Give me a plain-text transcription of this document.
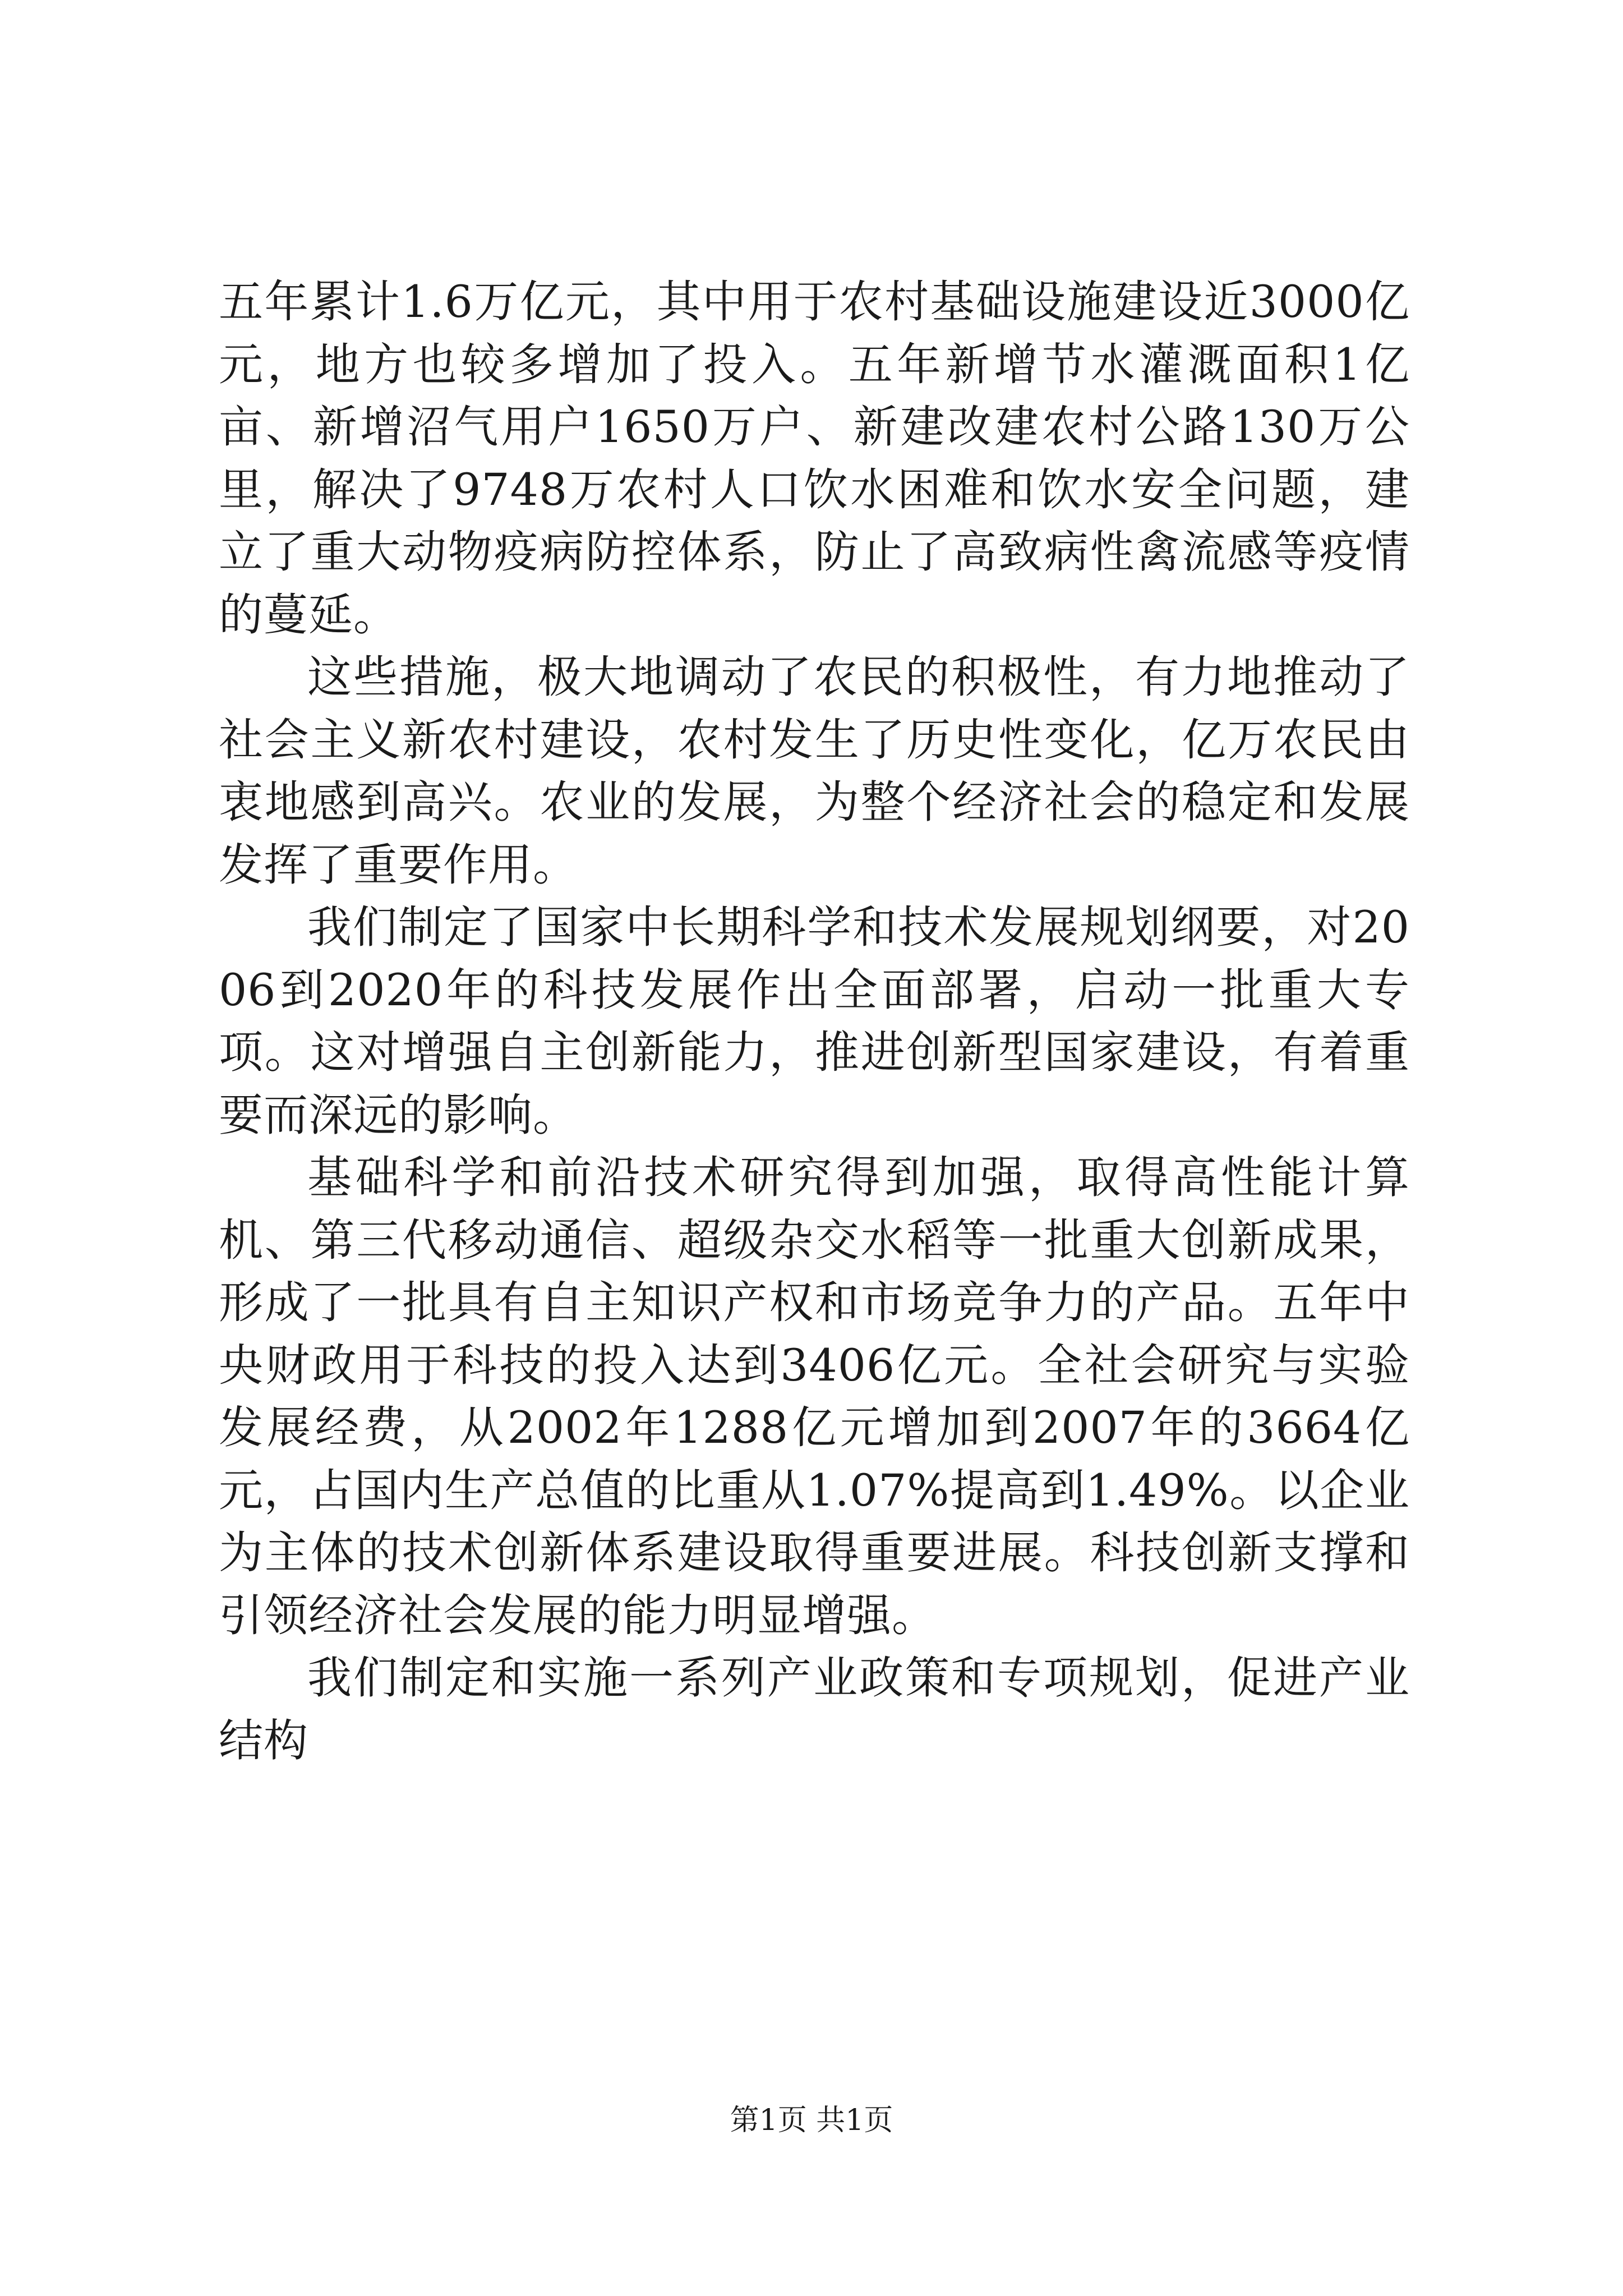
五年累计1.6万亿元，其中用于农村基础设施建设近3000亿元，地方也较多增加了投入。五年新增节水灌溉面积1亿亩、新增沼气用户1650万户、新建改建农村公路130万公里，解决了9748万农村人口饮水困难和饮水安全问题，建立了重大动物疫病防控体系，防止了高致病性禽流感等疫情的蔓延。

这些措施，极大地调动了农民的积极性，有力地推动了社会主义新农村建设，农村发生了历史性变化，亿万农民由衷地感到高兴。农业的发展，为整个经济社会的稳定和发展发挥了重要作用。

我们制定了国家中长期科学和技术发展规划纲要，对2006到2020年的科技发展作出全面部署，启动一批重大专项。这对增强自主创新能力，推进创新型国家建设，有着重要而深远的影响。

基础科学和前沿技术研究得到加强，取得高性能计算机、第三代移动通信、超级杂交水稻等一批重大创新成果，形成了一批具有自主知识产权和市场竞争力的产品。五年中央财政用于科技的投入达到3406亿元。全社会研究与实验发展经费，从2002年1288亿元增加到2007年的3664亿元，占国内生产总值的比重从1.07%提高到1.49%。以企业为主体的技术创新体系建设取得重要进展。科技创新支撑和引领经济社会发展的能力明显增强。

我们制定和实施一系列产业政策和专项规划，促进产业结构

第1页 共1页
